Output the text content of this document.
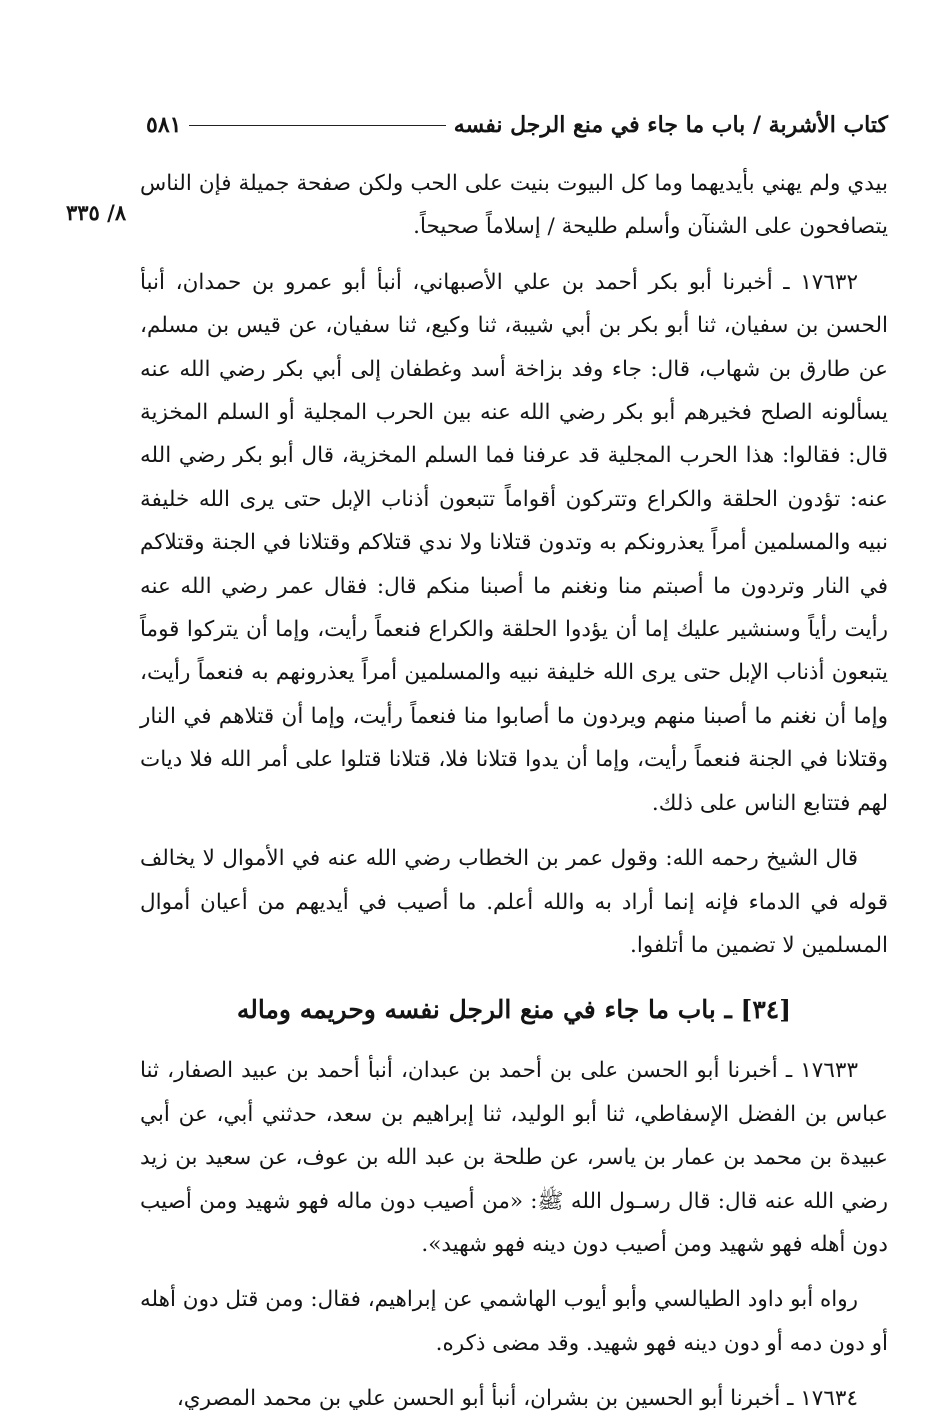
كتاب الأشربة / باب ما جاء في منع الرجل نفسه
٥٨١
٨/ ٣٣٥

بيدي ولم يهني بأيديهما وما كل البيوت بنيت على الحب ولكن صفحة جميلة فإن الناس يتصافحون على الشنآن وأسلم طليحة / إسلاماً صحيحاً.

١٧٦٣٢ ـ أخبرنا أبو بكر أحمد بن علي الأصبهاني، أنبأ أبو عمرو بن حمدان، أنبأ الحسن بن سفيان، ثنا أبو بكر بن أبي شيبة، ثنا وكيع، ثنا سفيان، عن قيس بن مسلم، عن طارق بن شهاب، قال: جاء وفد بزاخة أسد وغطفان إلى أبي بكر رضي الله عنه يسألونه الصلح فخيرهم أبو بكر رضي الله عنه بين الحرب المجلية أو السلم المخزية قال: فقالوا: هذا الحرب المجلية قد عرفنا فما السلم المخزية، قال أبو بكر رضي الله عنه: تؤدون الحلقة والكراع وتتركون أقواماً تتبعون أذناب الإبل حتى يرى الله خليفة نبيه والمسلمين أمراً يعذرونكم به وتدون قتلانا ولا ندي قتلاكم وقتلانا في الجنة وقتلاكم في النار وتردون ما أصبتم منا ونغنم ما أصبنا منكم قال: فقال عمر رضي الله عنه رأيت رأياً وسنشير عليك إما أن يؤدوا الحلقة والكراع فنعماً رأيت، وإما أن يتركوا قوماً يتبعون أذناب الإبل حتى يرى الله خليفة نبيه والمسلمين أمراً يعذرونهم به فنعماً رأيت، وإما أن نغنم ما أصبنا منهم ويردون ما أصابوا منا فنعماً رأيت، وإما أن قتلاهم في النار وقتلانا في الجنة فنعماً رأيت، وإما أن يدوا قتلانا فلا، قتلانا قتلوا على أمر الله فلا ديات لهم فتتابع الناس على ذلك.

قال الشيخ رحمه الله: وقول عمر بن الخطاب رضي الله عنه في الأموال لا يخالف قوله في الدماء فإنه إنما أراد به والله أعلم. ما أصيب في أيديهم من أعيان أموال المسلمين لا تضمين ما أتلفوا.

[٣٤] ـ باب ما جاء في منع الرجل نفسه وحريمه وماله

١٧٦٣٣ ـ أخبرنا أبو الحسن على بن أحمد بن عبدان، أنبأ أحمد بن عبيد الصفار، ثنا عباس بن الفضل الإسفاطي، ثنا أبو الوليد، ثنا إبراهيم بن سعد، حدثني أبي، عن أبي عبيدة بن محمد بن عمار بن ياسر، عن طلحة بن عبد الله بن عوف، عن سعيد بن زيد رضي الله عنه قال: قال رسـول الله ﷺ: «من أصيب دون ماله فهو شهيد ومن أصيب دون أهله فهو شهيد ومن أصيب دون دينه فهو شهيد».

رواه أبو داود الطيالسي وأبو أيوب الهاشمي عن إبراهيم، فقال: ومن قتل دون أهله أو دون دمه أو دون دينه فهو شهيد. وقد مضى ذكره.

١٧٦٣٤ ـ أخبرنا أبو الحسين بن بشران، أنبأ أبو الحسن علي بن محمد المصري،
